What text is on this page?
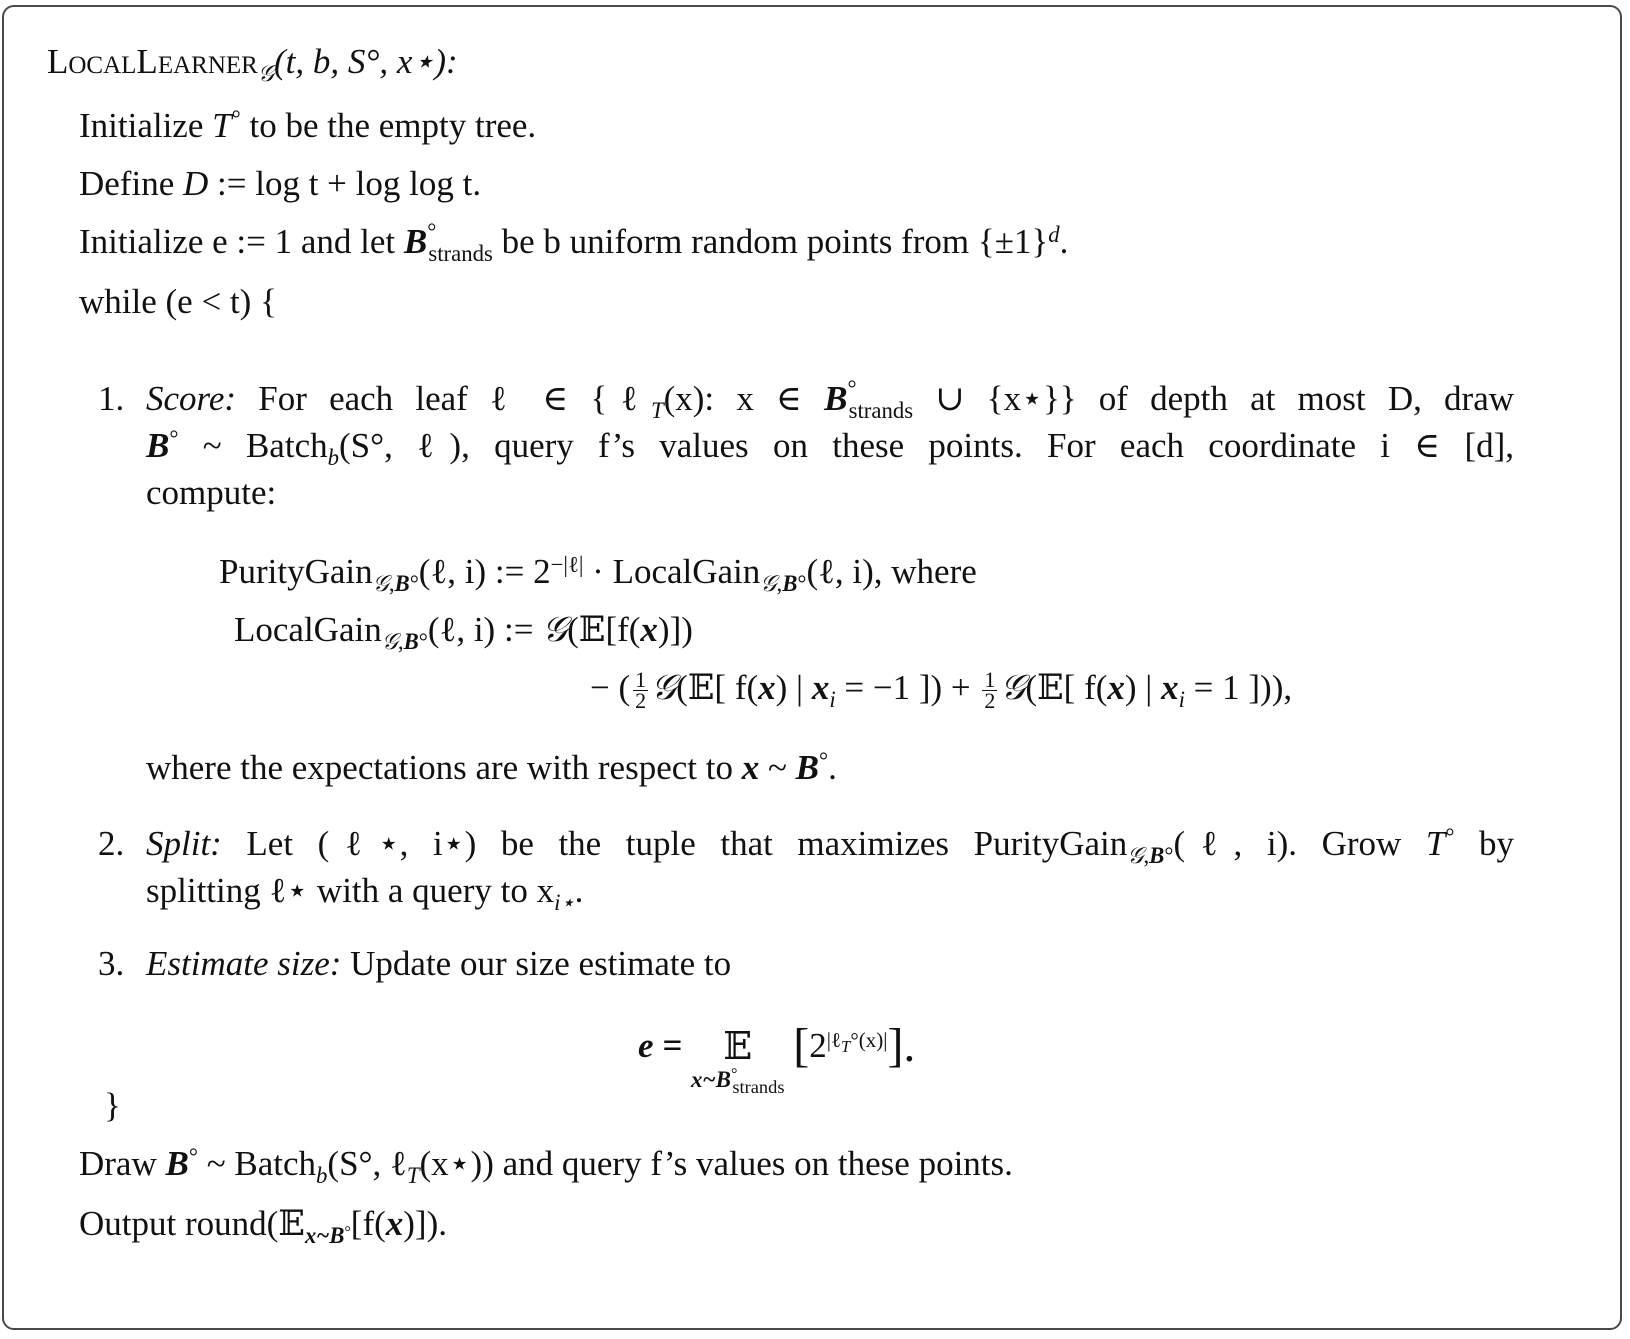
LocalLearner$_𝒢$(t, b, S°, x⋆):
Initialize T° to be the empty tree.
Define D := log t + log log t.
Initialize e := 1 and let $B^\circ_{strands}$ be b uniform random points from $\{\pm 1\}^d$.
while (e < t) {
1. Score: For each leaf ℓ ∈ {ℓ$_T$(x): x ∈ $B^\circ_{strands}$ ∪ {x⋆}} of depth at most D, draw
B° ~ Batch$_b$(S°, ℓ), query f’s values on these points. For each coordinate i ∈ [d],
compute:
PurityGain$_{𝒢,B^\circ}$(ℓ, i) := $2^{-|\ell|}$ · LocalGain$_{𝒢,B^\circ}$(ℓ, i), where
LocalGain$_{𝒢,B^\circ}$(ℓ, i) := 𝒢(𝔼[f(x)])
− ( $\frac{1}{2}$ 𝒢(𝔼[ f(x) | $x_i = -1$ ]) + $\frac{1}{2}$ 𝒢(𝔼[ f(x) | $x_i = 1$ ])),
where the expectations are with respect to x ~ B°.
2. Split: Let (ℓ⋆, i⋆) be the tuple that maximizes PurityGain$_{𝒢,B^\circ}$(ℓ, i). Grow T° by
splitting ℓ⋆ with a query to $x_{i⋆}$.
3. Estimate size: Update our size estimate to
e =	𝔼
$x\sim B^\circ_{strands}$
$[2^{|\ell_T^\circ(x)|}]$.
}
Draw B° ~ Batch$_b$(S°, ℓ$_T$(x⋆)) and query f’s values on these points.
Output round(𝔼$_{x\sim B^\circ}$[f(x)]).
